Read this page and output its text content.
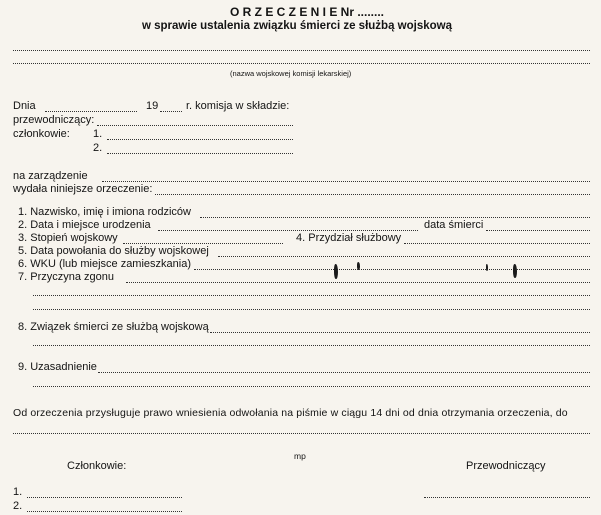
O R Z E C Z E N I E Nr ........
w sprawie ustalenia związku śmierci ze służbą wojskową
(nazwa wojskowej komisji lekarskiej)
Dnia	19	r. komisja w składzie:
przewodniczący:
członkowie: 1.
2.
na zarządzenie
wydała niniejsze orzeczenie:
1. Nazwisko, imię i imiona rodziców
2. Data i miejsce urodzenia	data śmierci
3. Stopień wojskowy	4. Przydział służbowy
5. Data powołania do służby wojskowej
6. WKU (lub miejsce zamieszkania)
7. Przyczyna zgonu
8. Związek śmierci ze służbą wojskową
9. Uzasadnienie
Od orzeczenia przysługuje prawo wniesienia odwołania na piśmie w ciągu 14 dni od dnia otrzymania orzeczenia, do
mp
Członkowie:	Przewodniczący
1.
2.
